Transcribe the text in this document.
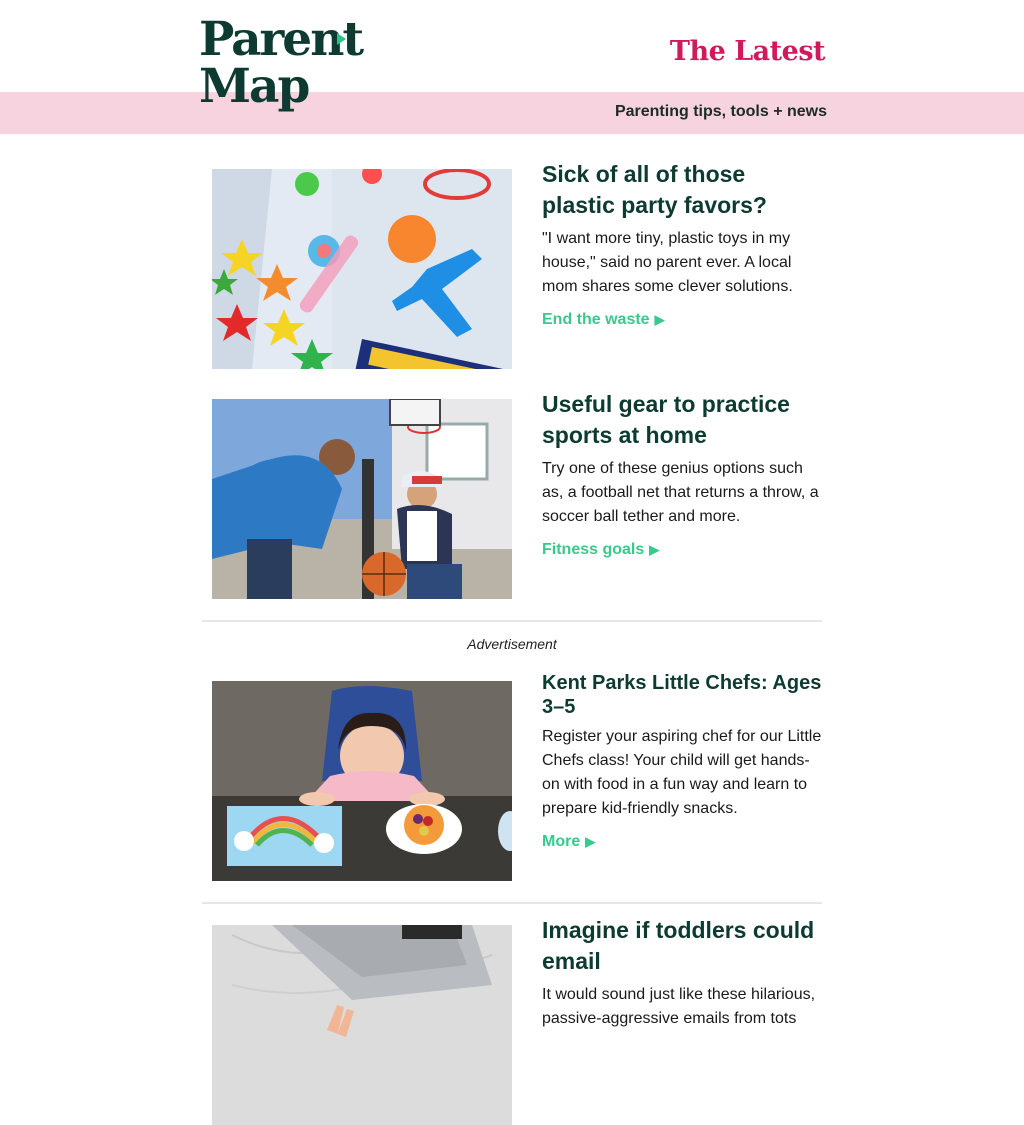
Parent
Map
The Latest
Parenting tips, tools + news
Sick of all of those plastic party favors?
"I want more tiny, plastic toys in my house," said no parent ever. A local mom shares some clever solutions.
End the waste ▶
Useful gear to practice sports at home
Try one of these genius options such as, a football net that returns a throw, a soccer ball tether and more.
Fitness goals ▶
Advertisement
Kent Parks Little Chefs: Ages 3–5
Register your aspiring chef for our Little Chefs class! Your child will get hands-on with food in a fun way and learn to prepare kid-friendly snacks.
More ▶
Imagine if toddlers could email
It would sound just like these hilarious, passive-aggressive emails from tots
